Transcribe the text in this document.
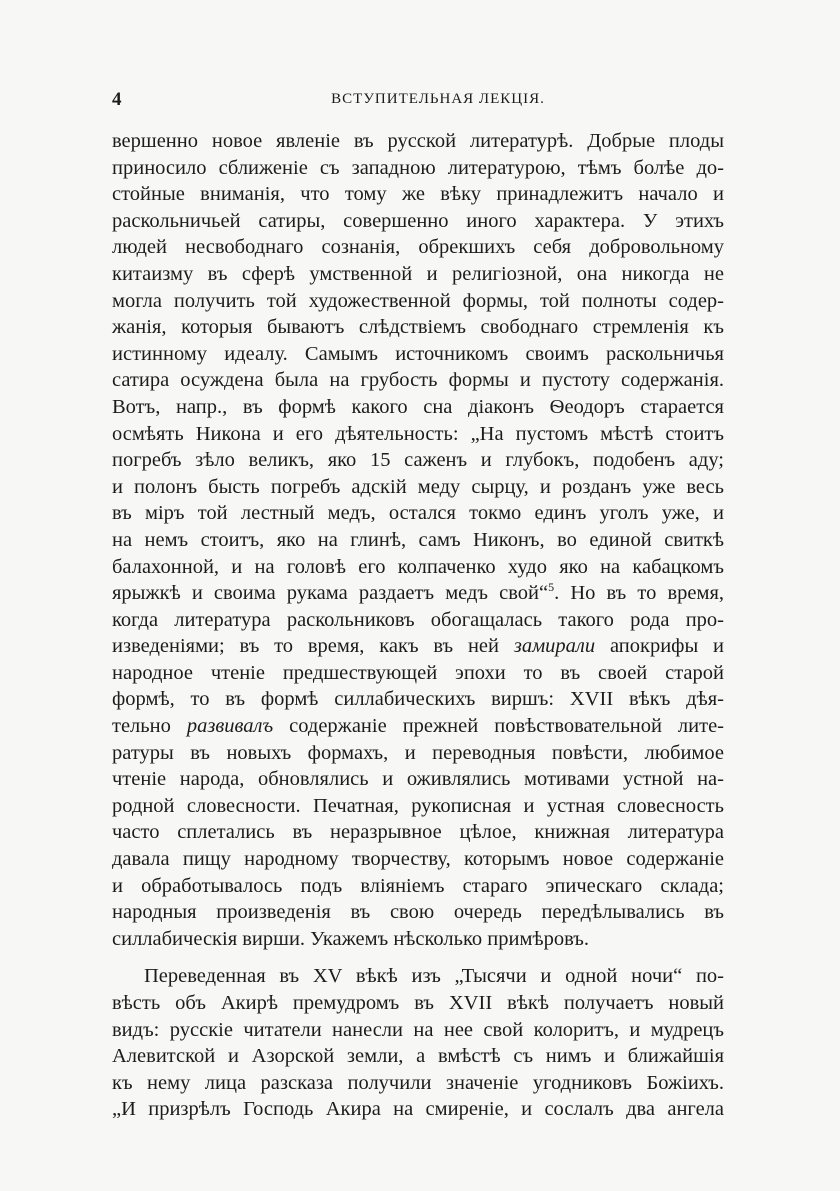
4	ВСТУПИТЕЛЬНАЯ ЛЕКЦІЯ.
вершенно новое явленіе въ русской литературѣ. Добрые плоды
приносило сближеніе съ западною литературою, тѣмъ болѣе до-
стойные вниманія, что тому же вѣку принадлежитъ начало и
раскольничьей сатиры, совершенно иного характера. У этихъ
людей несвободнаго сознанія, обрекшихъ себя добровольному
китаизму въ сферѣ умственной и религіозной, она никогда не
могла получить той художественной формы, той полноты содер-
жанія, которыя бываютъ слѣдствіемъ свободнаго стремленія къ
истинному идеалу. Самымъ источникомъ своимъ раскольничья
сатира осуждена была на грубость формы и пустоту содержанія.
Вотъ, напр., въ формѣ какого сна діаконъ Ѳеодоръ старается
осмѣять Никона и его дѣятельность: „На пустомъ мѣстѣ стоитъ
погребъ зѣло великъ, яко 15 саженъ и глубокъ, подобенъ аду;
и полонъ бысть погребъ адскій меду сырцу, и розданъ уже весь
въ міръ той лестный медъ, остался токмо единъ уголъ уже, и
на немъ стоитъ, яко на глинѣ, самъ Никонъ, во единой свиткѣ
балахонной, и на головѣ его колпаченко худо яко на кабацкомъ
ярыжкѣ и своима рукама раздаетъ медъ свой“$^5$. Но въ то время,
когда литература раскольниковъ обогащалась такого рода про-
изведеніями; въ то время, какъ въ ней замирали апокрифы и
народное чтеніе предшествующей эпохи то въ своей старой
формѣ, то въ формѣ силлабическихъ виршъ: XVII вѣкъ дѣя-
тельно развивалъ содержаніе прежней повѣствовательной лите-
ратуры въ новыхъ формахъ, и переводныя повѣсти, любимое
чтеніе народа, обновлялись и оживлялись мотивами устной на-
родной словесности. Печатная, рукописная и устная словесность
часто сплетались въ неразрывное цѣлое, книжная литература
давала пищу народному творчеству, которымъ новое содержаніе
и обработывалось подъ вліяніемъ стараго эпическаго склада;
народныя произведенія въ свою очередь передѣлывались въ
силлабическія вирши. Укажемъ нѣсколько примѣровъ.
Переведенная въ XV вѣкѣ изъ „Тысячи и одной ночи“ по-
вѣсть объ Акирѣ премудромъ въ XVII вѣкѣ получаетъ новый
видъ: русскіе читатели нанесли на нее свой колоритъ, и мудрецъ
Алевитской и Азорской земли, а вмѣстѣ съ нимъ и ближайшія
къ нему лица разсказа получили значеніе угодниковъ Божіихъ.
„И призрѣлъ Господь Акира на смиреніе, и сослалъ два ангела
